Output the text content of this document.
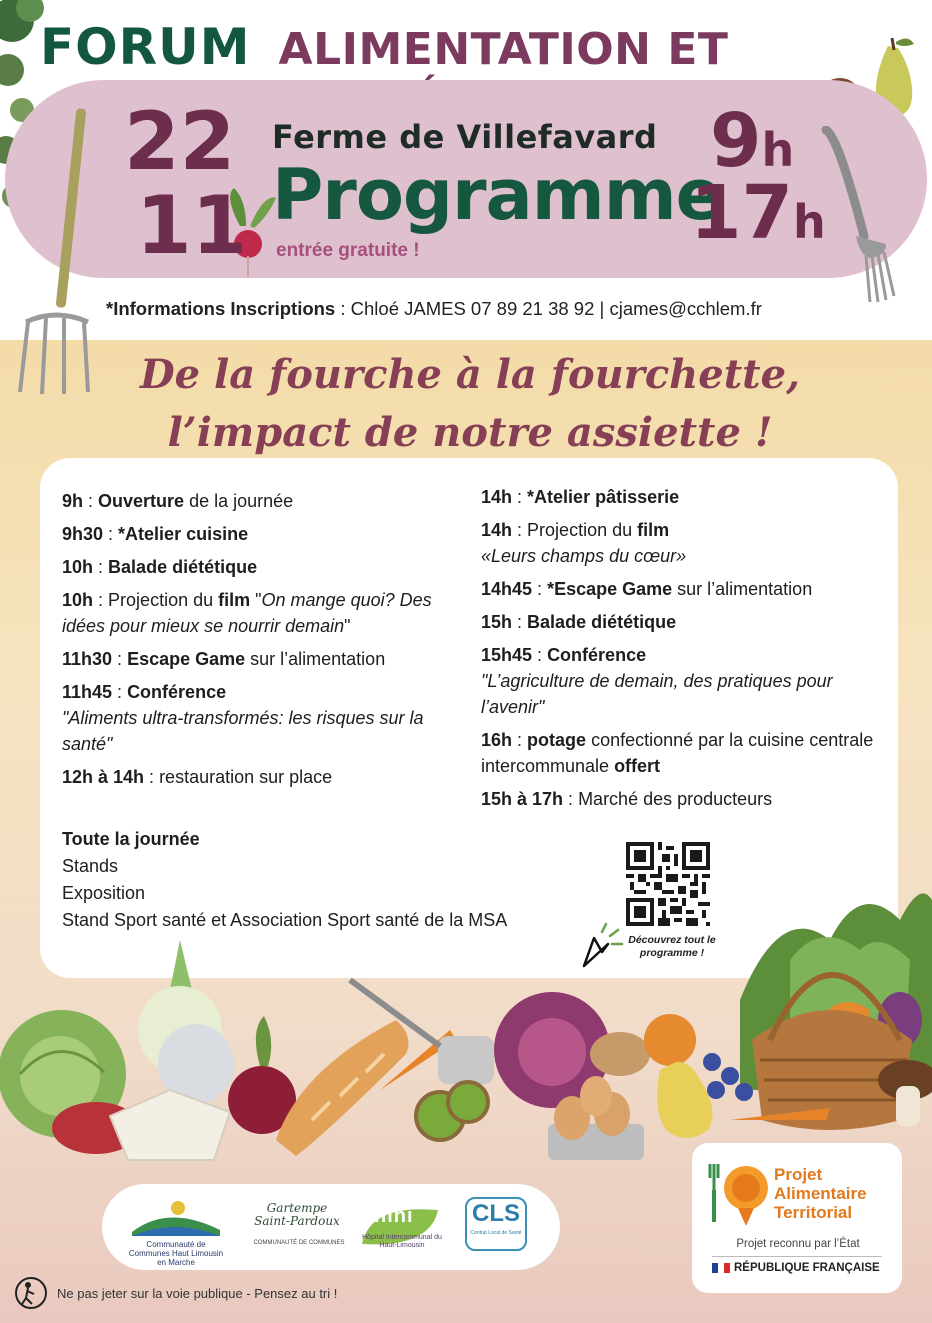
FORUM ALIMENTATION ET
22
11
Ferme de Villefavard
Programme
entrée gratuite !
9h
17h
*Informations Inscriptions : Chloé JAMES 07 89 21 38 92 | cjames@cchlem.fr
De la fourche à la fourchette,
l’impact de notre assiette !
9h : Ouverture de la journée
9h30 : *Atelier cuisine
10h : Balade diététique
10h : Projection du film "On mange quoi? Des idées pour mieux se nourrir demain"
11h30 : Escape Game sur l’alimentation
11h45 : Conférence
"Aliments ultra-transformés: les risques sur la santé"
12h à 14h : restauration sur place
14h : *Atelier pâtisserie
14h : Projection du film
«Leurs champs du cœur»
14h45 : *Escape Game sur l’alimentation
15h : Balade diététique
15h45 : Conférence
"L’agriculture de demain, des pratiques pour l’avenir"
16h : potage confectionné par la cuisine centrale intercommunale offert
15h à 17h : Marché des producteurs
Toute la journée
Stands
Exposition
Stand Sport santé et Association Sport santé de la MSA
Découvrez tout le programme !
Communauté de Communes Haut Limousin en Marche
Gartempe Saint-Pardoux
COMMUNAUTÉ DE COMMUNES
nini
Hôpital Intercommunal du Haut-Limousin
CLS
Contrat Local de Santé
Projet
Alimentaire
Territorial
Projet reconnu par l’État
RÉPUBLIQUE FRANÇAISE
Ne pas jeter sur la voie publique - Pensez au tri !
